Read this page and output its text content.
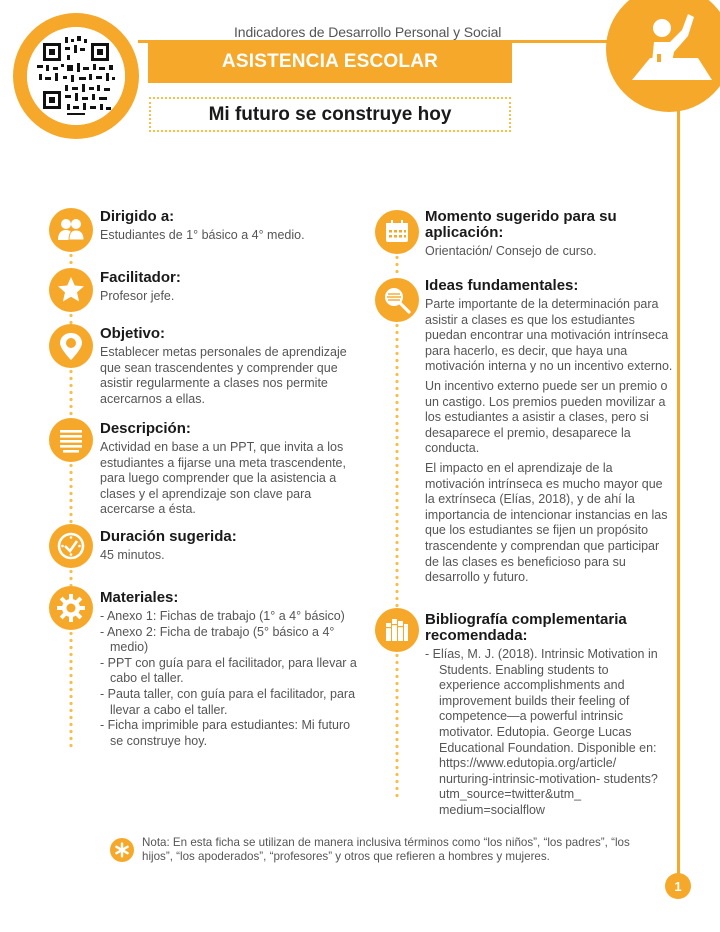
Indicadores de Desarrollo Personal y Social
ASISTENCIA ESCOLAR
Mi futuro se construye hoy
1
Dirigido a:
Estudiantes de 1° básico a 4° medio.
Facilitador:
Profesor jefe.
Objetivo:
Establecer metas personales de aprendizaje que sean trascendentes y comprender que asistir regularmente a clases nos permite acercarnos a ellas.
Descripción:
Actividad en base a un PPT, que invita a los estudiantes a fijarse una meta trascendente, para luego comprender que la asistencia a clases y el aprendizaje son clave para acercarse a ésta.
Duración sugerida:
45 minutos.
Materiales:
- Anexo 1: Fichas de trabajo (1° a 4° básico)
- Anexo 2: Ficha de trabajo (5° básico a 4° medio)
- PPT con guía para el facilitador, para llevar a cabo el taller.
- Pauta taller, con guía para el facilitador, para llevar a cabo el taller.
- Ficha imprimible para estudiantes: Mi futuro se construye hoy.
Momento sugerido para su aplicación:
Orientación/ Consejo de curso.
Ideas fundamentales:

Parte importante de la determinación para asistir a clases es que los estudiantes puedan encontrar una motivación intrínseca para hacerlo, es decir, que haya una motivación interna y no un incentivo externo.

Un incentivo externo puede ser un premio o un castigo. Los premios pueden movilizar a los estudiantes a asistir a clases, pero si desaparece el premio, desaparece la conducta.

El impacto en el aprendizaje de la motivación intrínseca es mucho mayor que la extrínseca (Elías, 2018), y de ahí la importancia de intencionar instancias en las que los estudiantes se fijen un propósito trascendente y comprendan que participar de las clases es beneficioso para su desarrollo y futuro.

Bibliografía complementaria recomendada:
- Elías, M. J. (2018). Intrinsic Motivation in Students. Enabling students to experience accomplishments and improvement builds their feeling of competence—a powerful intrinsic motivator. Edutopia. George Lucas Educational Foundation. Disponible en: https://www.edutopia.org/article/ nurturing-intrinsic-motivation- students?utm_source=twitter&utm_ medium=socialflow
Nota: En esta ficha se utilizan de manera inclusiva términos como “los niños”, “los padres”, “los hijos”, “los apoderados”, “profesores” y otros que refieren a hombres y mujeres.
